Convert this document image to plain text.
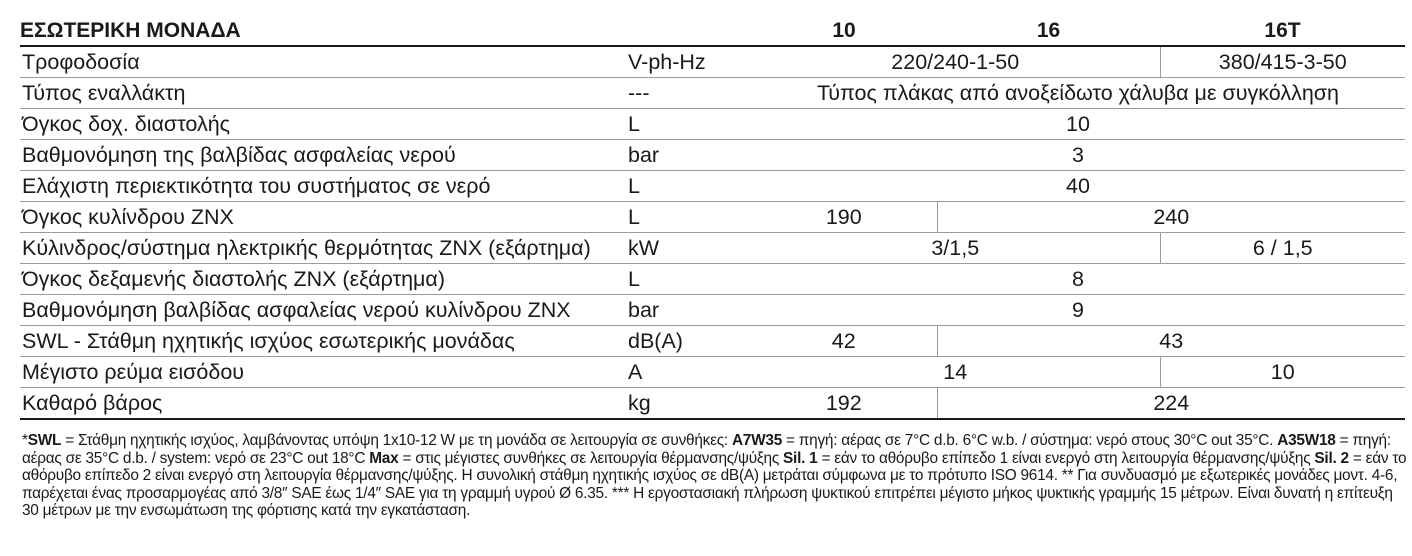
ΕΣΩΤΕΡΙΚΗ ΜΟΝΑΔΑ		10	16	16T
Τροφοδοσία	V-ph-Hz	220/240-1-50		380/415-3-50
Τύπος εναλλάκτη	---	Τύπος πλάκας από ανοξείδωτο χάλυβα με συγκόλληση		
Όγκος δοχ. διαστολής	L	10		
Βαθμονόμηση της βαλβίδας ασφαλείας νερού	bar	3		
Ελάχιστη περιεκτικότητα του συστήματος σε νερό	L	40		
Όγκος κυλίνδρου ZNX	L	190	240	
Κύλινδρος/σύστημα ηλεκτρικής θερμότητας ZNX (εξάρτημα)	kW	3/1,5		6 / 1,5
Όγκος δεξαμενής διαστολής ZNX (εξάρτημα)	L	8		
Βαθμονόμηση βαλβίδας ασφαλείας νερού κυλίνδρου ZNX	bar	9		
SWL - Στάθμη ηχητικής ισχύος εσωτερικής μονάδας	dB(A)	42	43	
Μέγιστο ρεύμα εισόδου	A	14		10
Καθαρό βάρος	kg	192	224	
*SWL = Στάθμη ηχητικής ισχύος, λαμβάνοντας υπόψη 1x10-12 W με τη μονάδα σε λειτουργία σε συνθήκες: A7W35 = πηγή: αέρας σε 7°C d.b. 6°C w.b. / σύστημα: νερό στους 30°C out 35°C. A35W18 = πηγή: αέρας σε 35°C d.b. / system: νερό σε 23°C out 18°C Max = στις μέγιστες συνθήκες σε λειτουργία θέρμανσης/ψύξης Sil. 1 = εάν το αθόρυβο επίπεδο 1 είναι ενεργό στη λειτουργία θέρμανσης/ψύξης Sil. 2 = εάν το αθόρυβο επίπεδο 2 είναι ενεργό στη λειτουργία θέρμανσης/ψύξης. Η συνολική στάθμη ηχητικής ισχύος σε dB(A) μετράται σύμφωνα με το πρότυπο ISO 9614. ** Για συνδυασμό με εξωτερικές μονάδες μοντ. 4-6, παρέχεται ένας προσαρμογέας από 3/8″ SAE έως 1/4″ SAE για τη γραμμή υγρού Ø 6.35. *** Η εργοστασιακή πλήρωση ψυκτικού επιτρέπει μέγιστο μήκος ψυκτικής γραμμής 15 μέτρων. Είναι δυνατή η επίτευξη 30 μέτρων με την ενσωμάτωση της φόρτισης κατά την εγκατάσταση.
